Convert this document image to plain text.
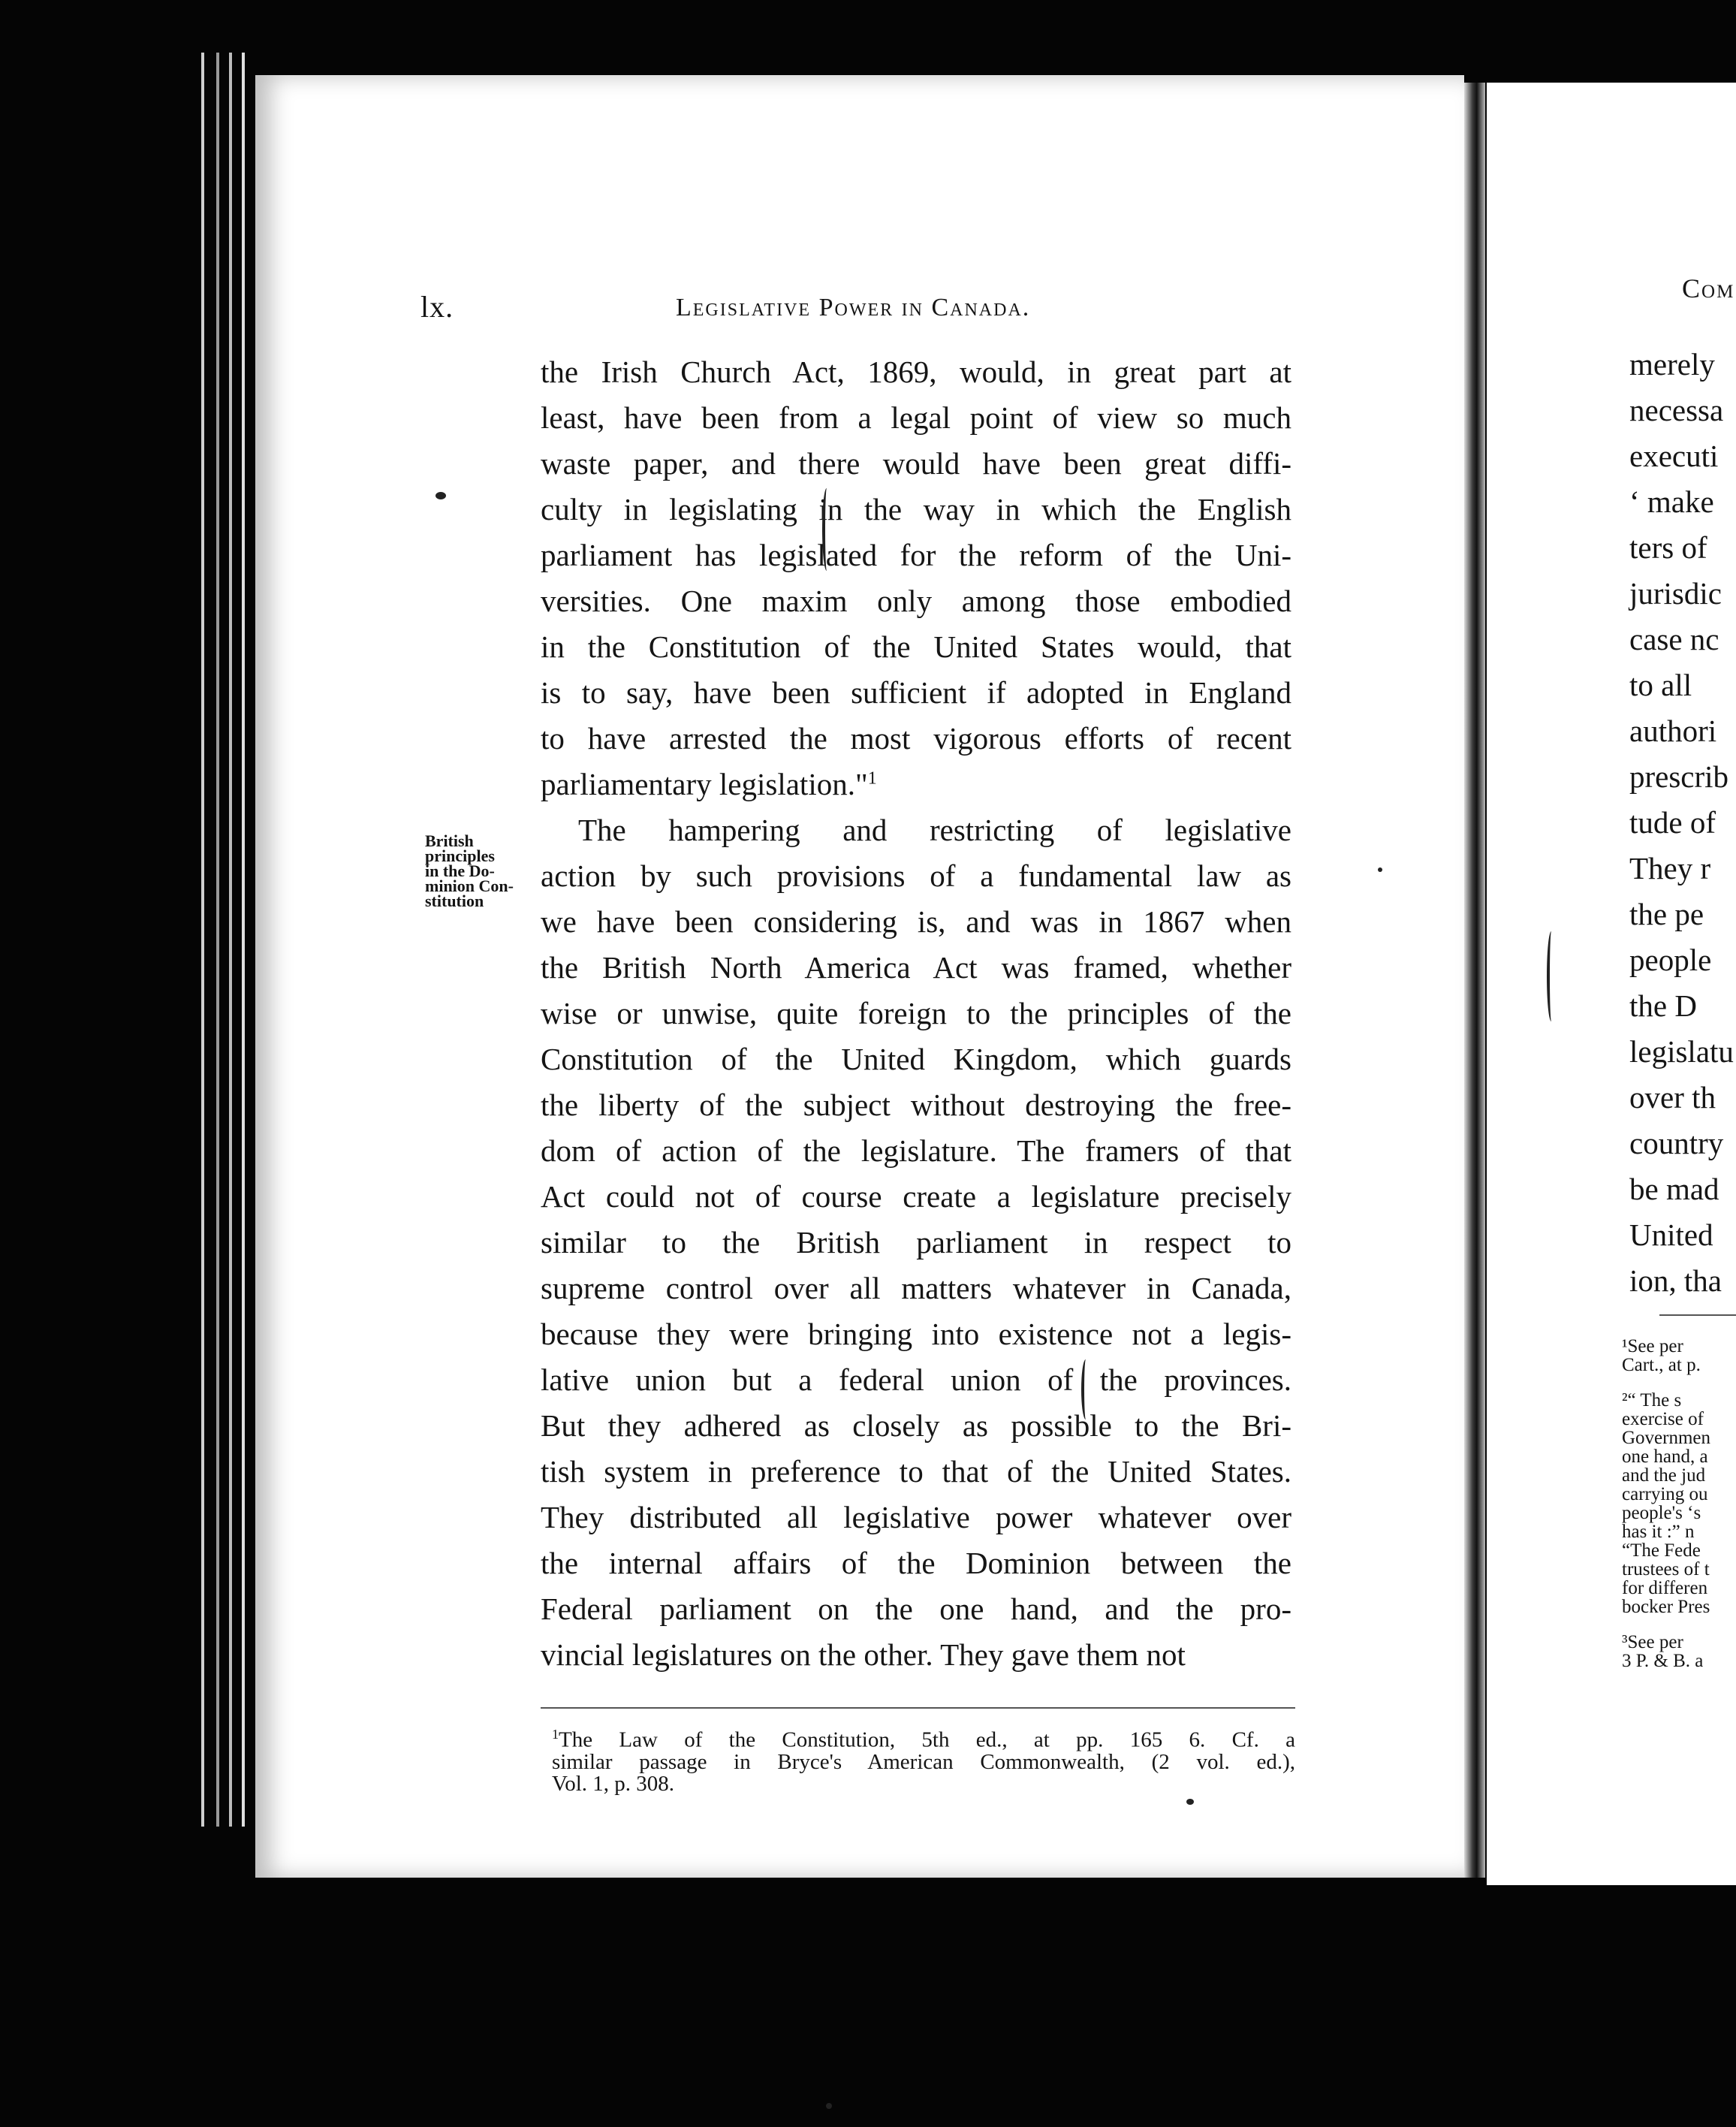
Com
merely
necessa
executi
‘ make
ters of
jurisdic
case nc
to all
authori
prescrib
tude of
They r
the pe
people
the D
legislatu
over th
country
be mad
United
ion, tha
¹See per
Cart., at p.
²“ The s
exercise of
Governmen
one hand, a
and the jud
carrying ou
people's ‘s
has it :” n
“The Fede
trustees of t
for differen
bocker Pres
³See per
3 P. & B. a
lx.	Legislative Power in Canada.
British
principles
in the Do-
minion Con-
stitution
the Irish Church Act, 1869, would, in great part at
least, have been from a legal point of view so much
waste paper, and there would have been great diffi-
culty in legislating in the way in which the English
parliament has legislated for the reform of the Uni-
versities. One maxim only among those embodied
in the Constitution of the United States would, that
is to say, have been sufficient if adopted in England
to have arrested the most vigorous efforts of recent
parliamentary legislation."$^1$
The hampering and restricting of legislative
action by such provisions of a fundamental law as
we have been considering is, and was in 1867 when
the British North America Act was framed, whether
wise or unwise, quite foreign to the principles of the
Constitution of the United Kingdom, which guards
the liberty of the subject without destroying the free-
dom of action of the legislature. The framers of that
Act could not of course create a legislature precisely
similar to the British parliament in respect to
supreme control over all matters whatever in Canada,
because they were bringing into existence not a legis-
lative union but a federal union of the provinces.
But they adhered as closely as possible to the Bri-
tish system in preference to that of the United States.
They distributed all legislative power whatever over
the internal affairs of the Dominion between the
Federal parliament on the one hand, and the pro-
vincial legislatures on the other. They gave them not
$^1$The Law of the Constitution, 5th ed., at pp. 165 6. Cf. a
similar passage in Bryce's American Commonwealth, (2 vol. ed.),
Vol. 1, p. 308.
